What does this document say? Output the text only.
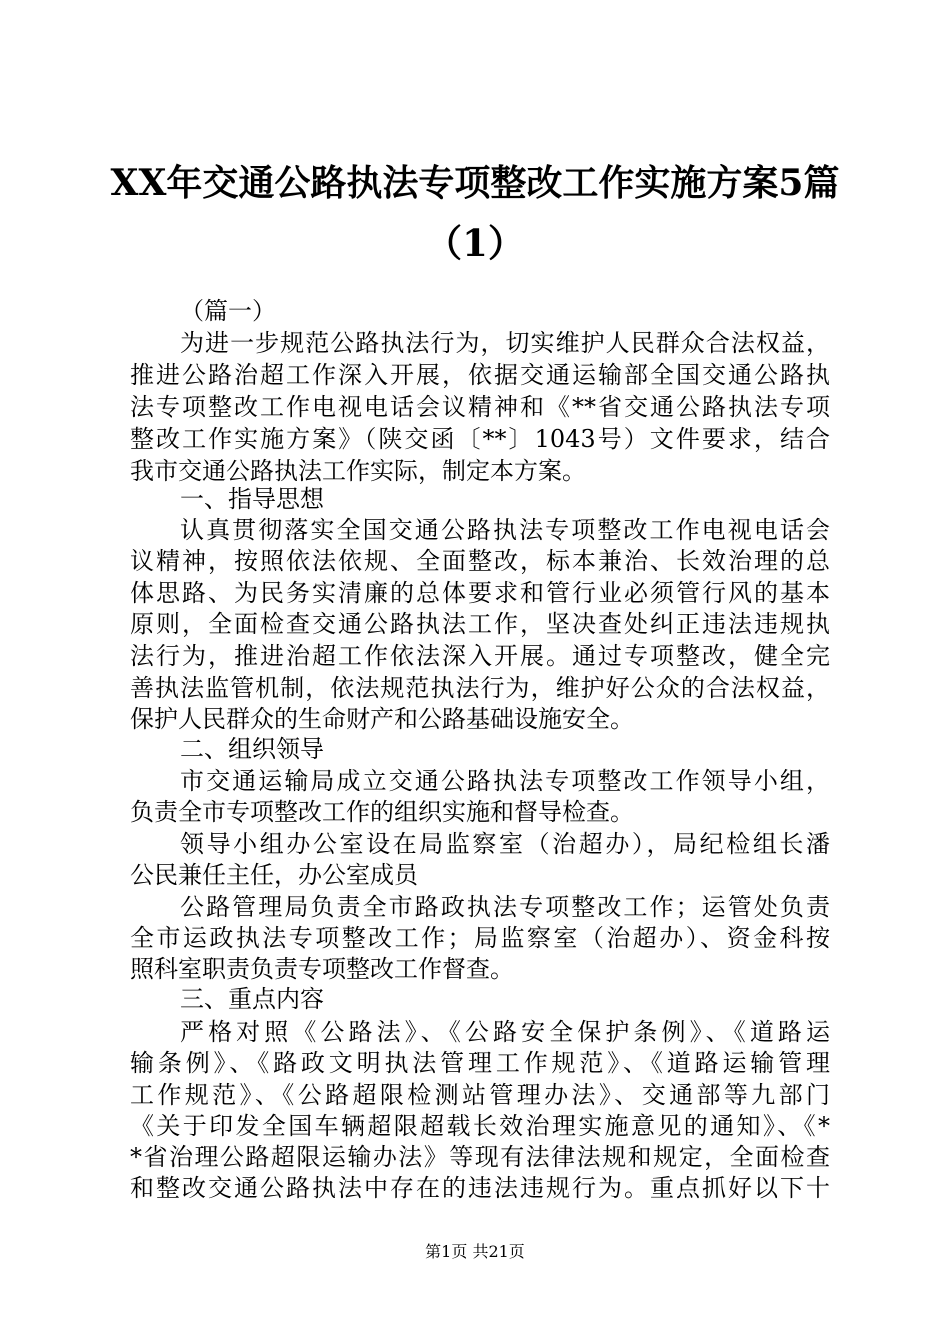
XX年交通公路执法专项整改工作实施方案5篇
（1）
（篇一）
为进一步规范公路执法行为，切实维护人民群众合法权益，
推进公路治超工作深入开展，依据交通运输部全国交通公路执
法专项整改工作电视电话会议精神和《**省交通公路执法专项
整改工作实施方案》（陕交函〔**〕1043号）文件要求，结合
我市交通公路执法工作实际，制定本方案。
一、指导思想
认真贯彻落实全国交通公路执法专项整改工作电视电话会
议精神，按照依法依规、全面整改，标本兼治、长效治理的总
体思路、为民务实清廉的总体要求和管行业必须管行风的基本
原则，全面检查交通公路执法工作，坚决查处纠正违法违规执
法行为，推进治超工作依法深入开展。通过专项整改，健全完
善执法监管机制，依法规范执法行为，维护好公众的合法权益，
保护人民群众的生命财产和公路基础设施安全。
二、组织领导
市交通运输局成立交通公路执法专项整改工作领导小组，
负责全市专项整改工作的组织实施和督导检查。
领导小组办公室设在局监察室（治超办），局纪检组长潘
公民兼任主任，办公室成员
公路管理局负责全市路政执法专项整改工作；运管处负责
全市运政执法专项整改工作；局监察室（治超办）、资金科按
照科室职责负责专项整改工作督查。
三、重点内容
严格对照《公路法》、《公路安全保护条例》、《道路运
输条例》、《路政文明执法管理工作规范》、《道路运输管理
工作规范》、《公路超限检测站管理办法》、交通部等九部门
《关于印发全国车辆超限超载长效治理实施意见的通知》、《*
*省治理公路超限运输办法》等现有法律法规和规定，全面检查
和整改交通公路执法中存在的违法违规行为。重点抓好以下十
第1页 共21页
